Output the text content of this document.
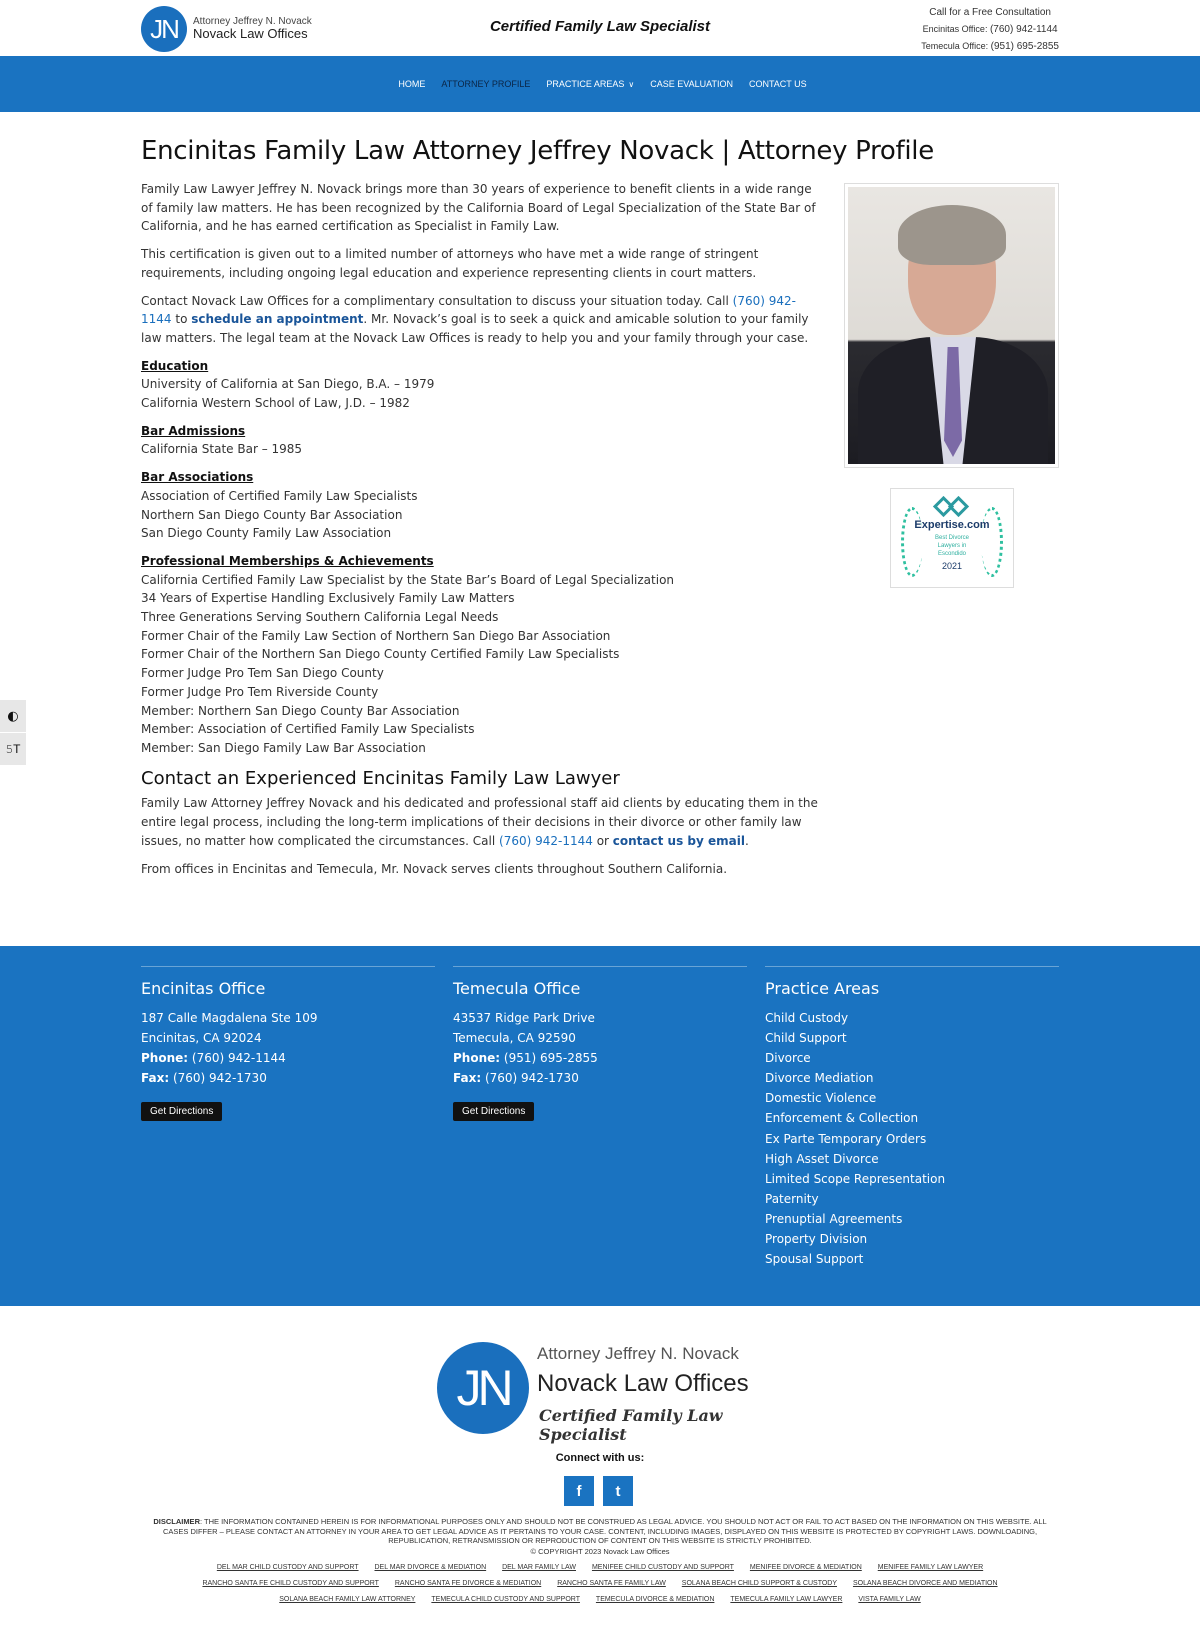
JN	Attorney Jeffrey N. Novack
Novack Law Offices	Certified Family Law Specialist
Call for a Free Consultation
Encinitas Office: (760) 942-1144
Temecula Office: (951) 695-2855
HOME	ATTORNEY PROFILE	PRACTICE AREAS ∨	CASE EVALUATION	CONTACT US
Encinitas Family Law Attorney Jeffrey Novack | Attorney Profile

Family Law Lawyer Jeffrey N. Novack brings more than 30 years of experience to benefit clients in a wide range of family law matters. He has been recognized by the California Board of Legal Specialization of the State Bar of California, and he has earned certification as Specialist in Family Law.

This certification is given out to a limited number of attorneys who have met a wide range of stringent requirements, including ongoing legal education and experience representing clients in court matters.

Contact Novack Law Offices for a complimentary consultation to discuss your situation today. Call (760) 942-1144 to schedule an appointment. Mr. Novack’s goal is to seek a quick and amicable solution to your family law matters. The legal team at the Novack Law Offices is ready to help you and your family through your case.

Education
University of California at San Diego, B.A. – 1979
California Western School of Law, J.D. – 1982
Bar Admissions
California State Bar – 1985
Bar Associations
Association of Certified Family Law Specialists
Northern San Diego County Bar Association
San Diego County Family Law Association
Professional Memberships & Achievements
California Certified Family Law Specialist by the State Bar’s Board of Legal Specialization
34 Years of Expertise Handling Exclusively Family Law Matters
Three Generations Serving Southern California Legal Needs
Former Chair of the Family Law Section of Northern San Diego Bar Association
Former Chair of the Northern San Diego County Certified Family Law Specialists
Former Judge Pro Tem San Diego County
Former Judge Pro Tem Riverside County
Member: Northern San Diego County Bar Association
Member: Association of Certified Family Law Specialists
Member: San Diego Family Law Bar Association
Contact an Experienced Encinitas Family Law Lawyer

Family Law Attorney Jeffrey Novack and his dedicated and professional staff aid clients by educating them in the entire legal process, including the long-term implications of their decisions in their divorce or other family law issues, no matter how complicated the circumstances. Call (760) 942-1144 or contact us by email.

From offices in Encinitas and Temecula, Mr. Novack serves clients throughout Southern California.

Expertise.com
Best Divorce
Lawyers in
Escondido
2021
◐
𝟻T
Encinitas Office
187 Calle Magdalena Ste 109
Encinitas, CA 92024
Phone: (760) 942-1144
Fax: (760) 942-1730
Get Directions
Temecula Office
43537 Ridge Park Drive
Temecula, CA 92590
Phone: (951) 695-2855
Fax: (760) 942-1730
Get Directions
Practice Areas
Child Custody
Child Support
Divorce
Divorce Mediation
Domestic Violence
Enforcement & Collection
Ex Parte Temporary Orders
High Asset Divorce
Limited Scope Representation
Paternity
Prenuptial Agreements
Property Division
Spousal Support
JN
Attorney Jeffrey N. Novack
Novack Law Offices
Certified Family Law Specialist
Connect with us:
f	t
DISCLAIMER: THE INFORMATION CONTAINED HEREIN IS FOR INFORMATIONAL PURPOSES ONLY AND SHOULD NOT BE CONSTRUED AS LEGAL ADVICE. YOU SHOULD NOT ACT OR FAIL TO ACT BASED ON THE INFORMATION ON THIS WEBSITE. ALL CASES DIFFER – PLEASE CONTACT AN ATTORNEY IN YOUR AREA TO GET LEGAL ADVICE AS IT PERTAINS TO YOUR CASE. CONTENT, INCLUDING IMAGES, DISPLAYED ON THIS WEBSITE IS PROTECTED BY COPYRIGHT LAWS. DOWNLOADING, REPUBLICATION, RETRANSMISSION OR REPRODUCTION OF CONTENT ON THIS WEBSITE IS STRICTLY PROHIBITED.
© COPYRIGHT 2023 Novack Law Offices
DEL MAR CHILD CUSTODY AND SUPPORT DEL MAR DIVORCE & MEDIATION DEL MAR FAMILY LAW MENIFEE CHILD CUSTODY AND SUPPORT MENIFEE DIVORCE & MEDIATION MENIFEE FAMILY LAW LAWYER
RANCHO SANTA FE CHILD CUSTODY AND SUPPORT RANCHO SANTA FE DIVORCE & MEDIATION RANCHO SANTA FE FAMILY LAW SOLANA BEACH CHILD SUPPORT & CUSTODY SOLANA BEACH DIVORCE AND MEDIATION
SOLANA BEACH FAMILY LAW ATTORNEY TEMECULA CHILD CUSTODY AND SUPPORT TEMECULA DIVORCE & MEDIATION TEMECULA FAMILY LAW LAWYER VISTA FAMILY LAW
